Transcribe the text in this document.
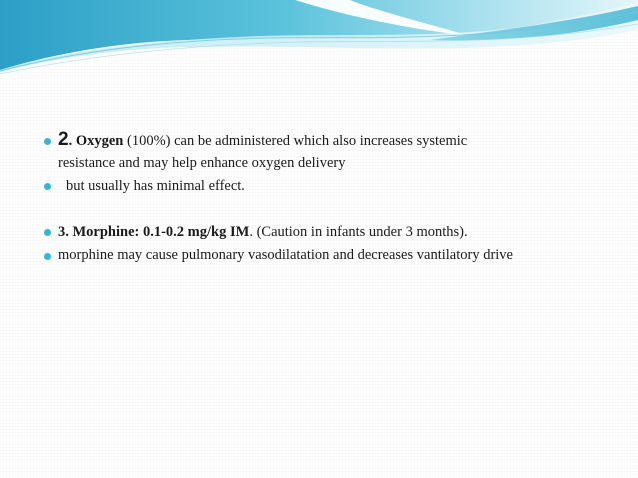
2. Oxygen (100%) can be administered which also increases systemic
resistance and may help enhance oxygen delivery
but usually has minimal effect.
3. Morphine: 0.1-0.2 mg/kg IM. (Caution in infants under 3 months).
morphine may cause pulmonary vasodilatation and decreases vantilatory drive
